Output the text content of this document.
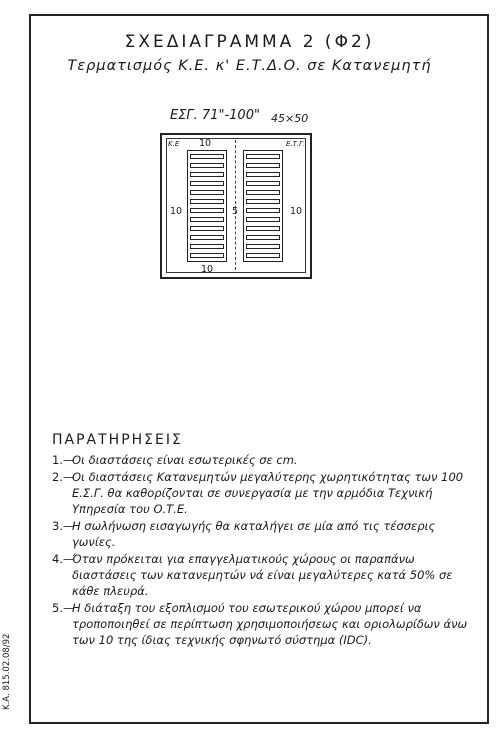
ΣΧΕΔΙΑΓΡΑΜΜΑ 2 (Φ2)
Τερματισμός Κ.Ε. κ' Ε.Τ.Δ.Ο. σε Κατανεμητή
ΕΣΓ. 71"-100" 45×50
Κ.Ε	Ε.Τ.Γ.
10
10
10	10
5
ΠΑΡΑΤΗΡΗΣΕΙΣ
1.—
Οι διαστάσεις είναι εσωτερικές σε cm.
2.—
Οι διαστάσεις Κατανεμητών μεγαλύτερης χωρητικότητας των 100 Ε.Σ.Γ. θα καθορίζονται σε συνεργασία με την αρμόδια Τεχνική Υπηρεσία του Ο.Τ.Ε.
3.—
Η σωλήνωση εισαγωγής θα καταλήγει σε μία από τις τέσσερις γωνίες.
4.—
Όταν πρόκειται για επαγγελματικούς χώρους οι παραπάνω διαστάσεις των κατανεμητών νά είναι μεγαλύτερες κατά 50% σε κάθε πλευρά.
5.—
Η διάταξη του εξοπλισμού του εσωτερικού χώρου μπορεί να τροποποιηθεί σε περίπτωση χρησιμοποιήσεως και οριολωρίδων άνω των 10 της ίδιας τεχνικής σφηνωτό σύστημα (IDC).
Κ.Α. 815.02.08/92
